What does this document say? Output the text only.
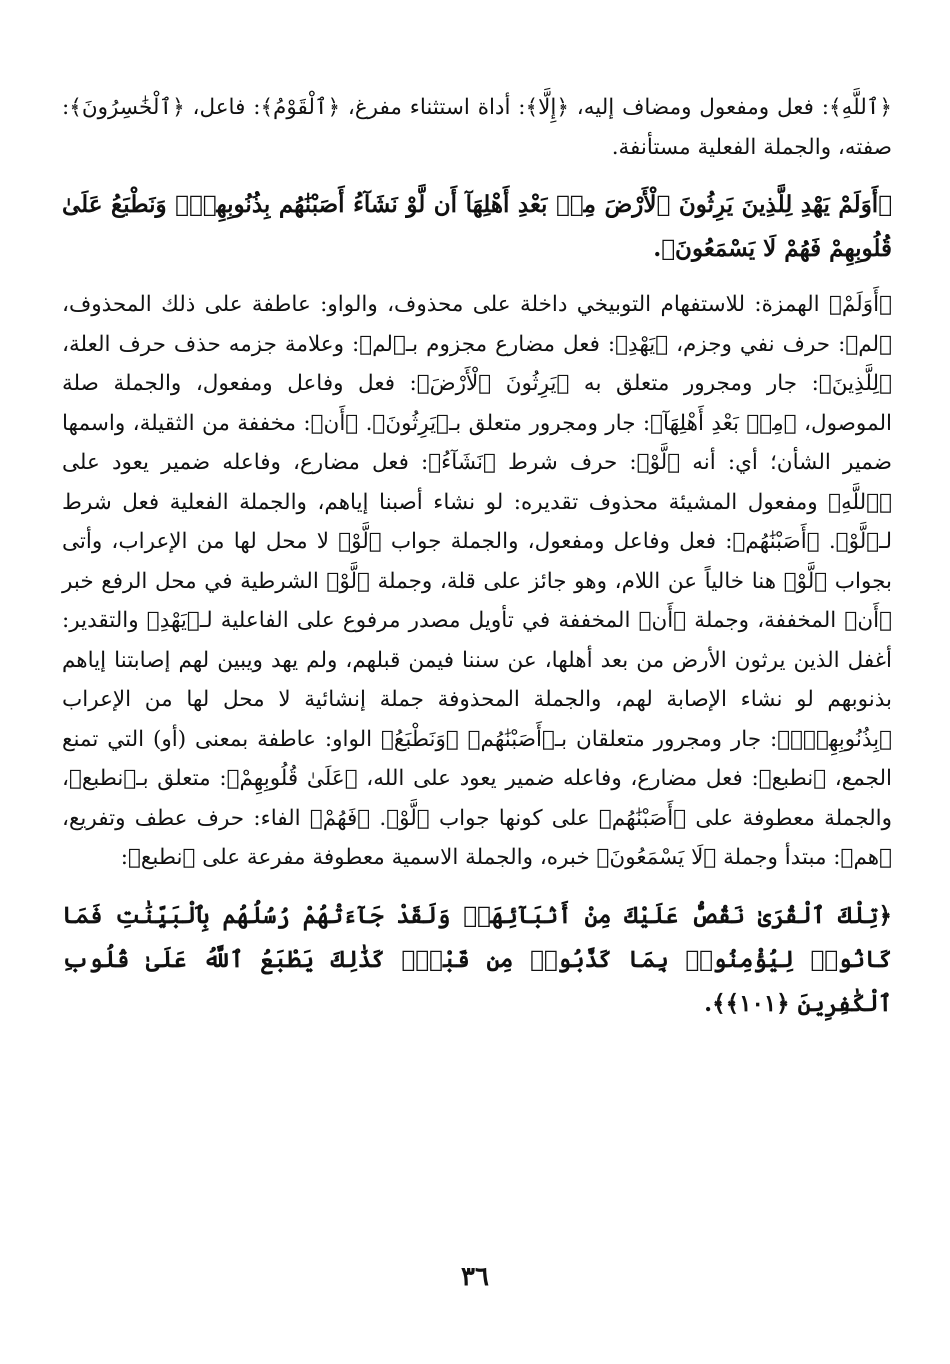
﴿ٱللَّهِ﴾: فعل ومفعول ومضاف إليه، ﴿إِلَّا﴾: أداة استثناء مفرغ، ﴿ٱلْقَوْمُ﴾: فاعل، ﴿ٱلْخَٰسِرُونَ﴾: صفته، والجملة الفعلية مستأنفة.

﴿أَوَلَمْ يَهْدِ لِلَّذِينَ يَرِثُونَ ٱلْأَرْضَ مِنۢ بَعْدِ أَهْلِهَآ أَن لَّوْ نَشَآءُ أَصَبْنَٰهُم بِذُنُوبِهِمْۚ وَنَطْبَعُ عَلَىٰ قُلُوبِهِمْ فَهُمْ لَا يَسْمَعُونَ﴾.

﴿أَوَلَمْ﴾ الهمزة: للاستفهام التوبيخي داخلة على محذوف، والواو: عاطفة على ذلك المحذوف، ﴿لم﴾: حرف نفي وجزم، ﴿يَهْدِ﴾: فعل مضارع مجزوم بـ﴿لم﴾: وعلامة جزمه حذف حرف العلة، ﴿لِلَّذِينَ﴾: جار ومجرور متعلق به ﴿يَرِثُونَ ٱلْأَرْضَ﴾: فعل وفاعل ومفعول، والجملة صلة الموصول، ﴿مِنۢ بَعْدِ أَهْلِهَآ﴾: جار ومجرور متعلق بـ﴿يَرِثُونَ﴾. ﴿أَن﴾: مخففة من الثقيلة، واسمها ضمير الشأن؛ أي: أنه ﴿لَّوْ﴾: حرف شرط ﴿نَشَآءُ﴾: فعل مضارع، وفاعله ضمير يعود على ﴿ٱللَّهِ﴾ ومفعول المشيئة محذوف تقديره: لو نشاء أصبنا إياهم، والجملة الفعلية فعل شرط لـ﴿لَّوْ﴾. ﴿أَصَبْنَٰهُم﴾: فعل وفاعل ومفعول، والجملة جواب ﴿لَّوْ﴾ لا محل لها من الإعراب، وأتى بجواب ﴿لَّوْ﴾ هنا خالياً عن اللام، وهو جائز على قلة، وجملة ﴿لَّوْ﴾ الشرطية في محل الرفع خبر ﴿أَن﴾ المخففة، وجملة ﴿أَن﴾ المخففة في تأويل مصدر مرفوع على الفاعلية لـ﴿يَهْدِ﴾ والتقدير: أغفل الذين يرثون الأرض من بعد أهلها، عن سننا فيمن قبلهم، ولم يهد ويبين لهم إصابتنا إياهم بذنوبهم لو نشاء الإصابة لهم، والجملة المحذوفة جملة إنشائية لا محل لها من الإعراب ﴿بِذُنُوبِهِمْۚ﴾: جار ومجرور متعلقان بـ﴿أَصَبْنَٰهُم﴾ ﴿وَنَطْبَعُ﴾ الواو: عاطفة بمعنى (أو) التي تمنع الجمع، ﴿نطبع﴾: فعل مضارع، وفاعله ضمير يعود على الله، ﴿عَلَىٰ قُلُوبِهِمْ﴾: متعلق بـ﴿نطبع﴾، والجملة معطوفة على ﴿أَصَبْنَٰهُم﴾ على كونها جواب ﴿لَّوْ﴾. ﴿فَهُمْ﴾ الفاء: حرف عطف وتفريع، ﴿هم﴾: مبتدأ وجملة ﴿لَا يَسْمَعُونَ﴾ خبره، والجملة الاسمية معطوفة مفرعة على ﴿نطبع﴾:

﴿تِلْكَ ٱلْقُرَىٰ نَقُصُّ عَلَيْكَ مِنْ أَنۢبَآئِهَاۚ وَلَقَدْ جَآءَتْهُمْ رُسُلُهُم بِٱلْبَيِّنَٰتِ فَمَا كَانُوا۟ لِيُؤْمِنُوا۟ بِمَا كَذَّبُوا۟ مِن قَبْلُۚ كَذَٰلِكَ يَطْبَعُ ٱللَّهُ عَلَىٰ قُلُوبِ ٱلْكَٰفِرِينَ ﴿١٠١﴾﴾.

٣٦
